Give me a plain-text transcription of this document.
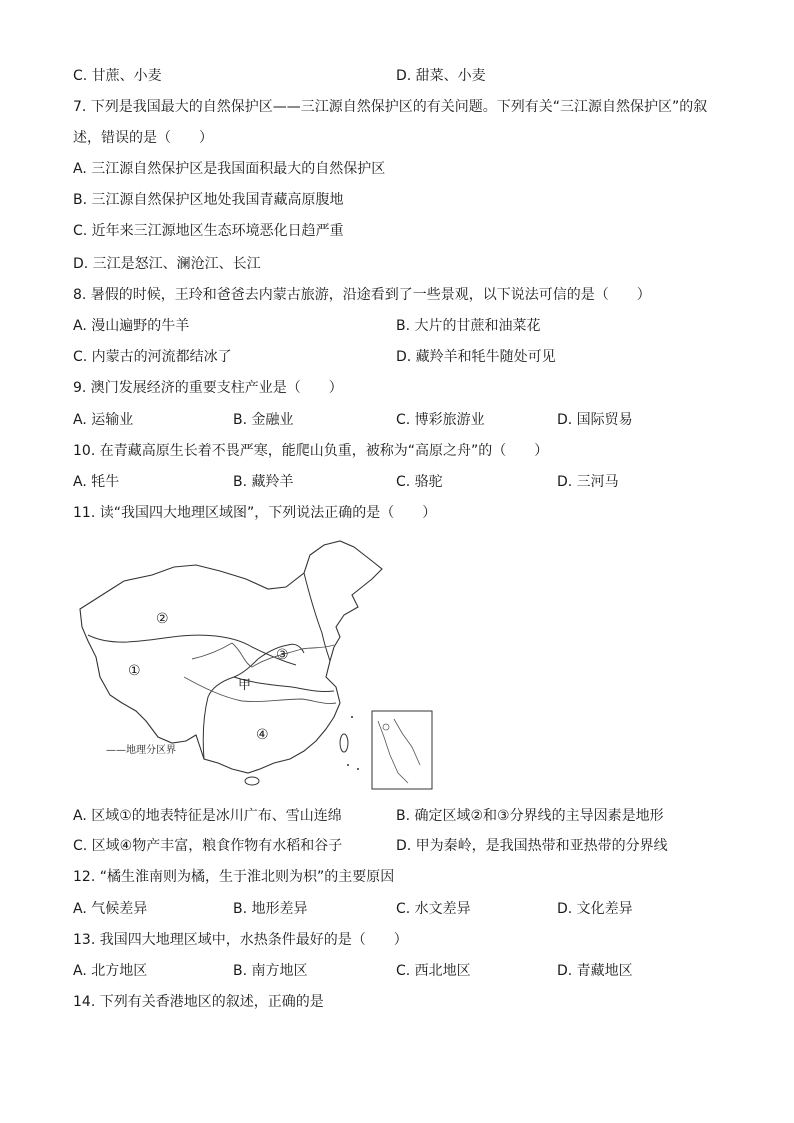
C. 甘蔗、小麦	D. 甜菜、小麦
7. 下列是我国最大的自然保护区——三江源自然保护区的有关问题。下列有关“三江源自然保护区”的叙
述，错误的是（　　）
A. 三江源自然保护区是我国面积最大的自然保护区
B. 三江源自然保护区地处我国青藏高原腹地
C. 近年来三江源地区生态环境恶化日趋严重
D. 三江是怒江、澜沧江、长江
8. 暑假的时候，王玲和爸爸去内蒙古旅游，沿途看到了一些景观，以下说法可信的是（　　）
A. 漫山遍野的牛羊	B. 大片的甘蔗和油菜花
C. 内蒙古的河流都结冰了	D. 藏羚羊和牦牛随处可见
9. 澳门发展经济的重要支柱产业是（　　）
A. 运输业	B. 金融业	C. 博彩旅游业	D. 国际贸易
10. 在青藏高原生长着不畏严寒，能爬山负重，被称为“高原之舟”的（　　）
A. 牦牛	B. 藏羚羊	C. 骆驼	D. 三河马
11. 读“我国四大地理区域图”，下列说法正确的是（　　）
①
②
③
④
甲
——地理分区界
A. 区域①的地表特征是冰川广布、雪山连绵	B. 确定区域②和③分界线的主导因素是地形
C. 区域④物产丰富，粮食作物有水稻和谷子	D. 甲为秦岭，是我国热带和亚热带的分界线
12. “橘生淮南则为橘，生于淮北则为枳”的主要原因
A. 气候差异	B. 地形差异	C. 水文差异	D. 文化差异
13. 我国四大地理区域中，水热条件最好的是（　　）
A. 北方地区	B. 南方地区	C. 西北地区	D. 青藏地区
14. 下列有关香港地区的叙述，正确的是
